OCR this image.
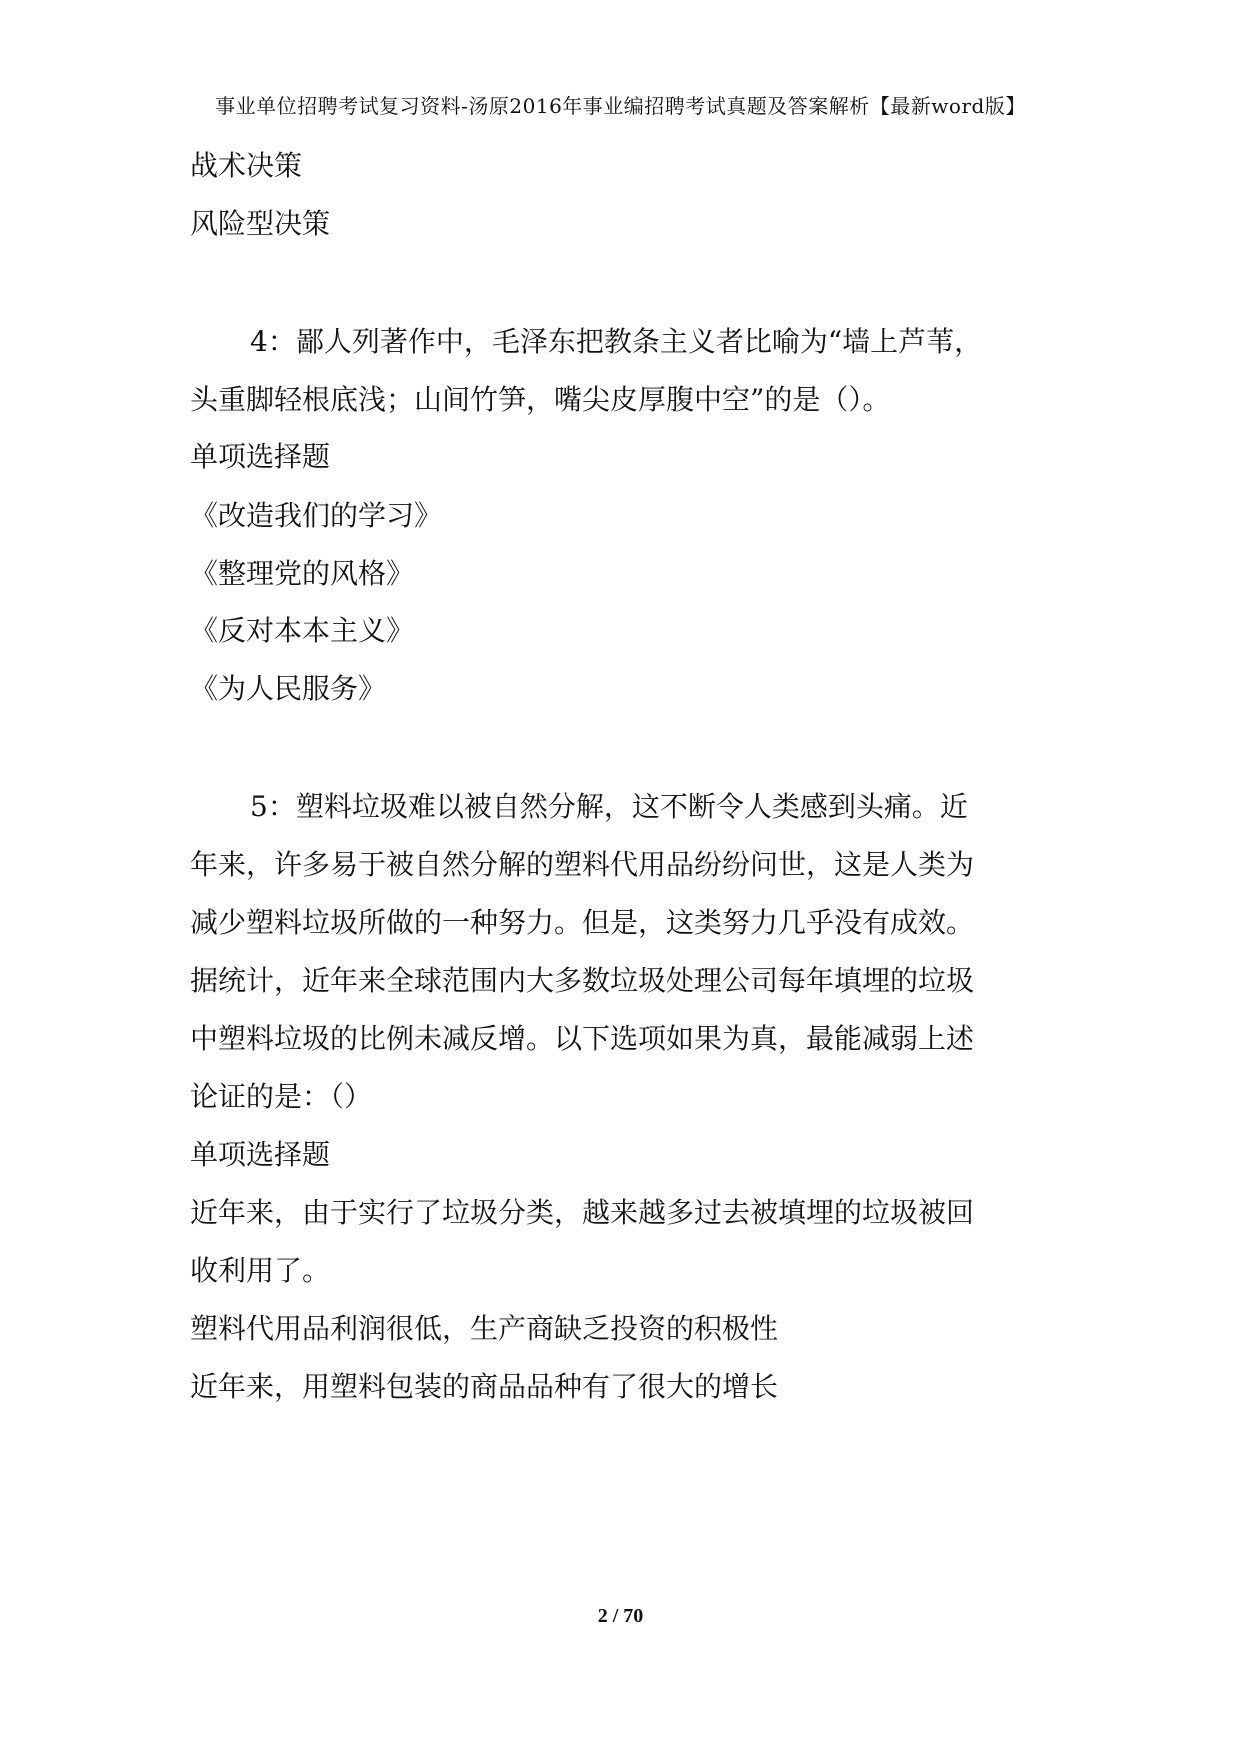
事业单位招聘考试复习资料-汤原2016年事业编招聘考试真题及答案解析【最新word版】
战术决策
风险型决策
4：鄙人列著作中，毛泽东把教条主义者比喻为“墙上芦苇，
头重脚轻根底浅；山间竹笋，嘴尖皮厚腹中空”的是（）。
单项选择题
《改造我们的学习》
《整理党的风格》
《反对本本主义》
《为人民服务》
5：塑料垃圾难以被自然分解，这不断令人类感到头痛。近
年来，许多易于被自然分解的塑料代用品纷纷问世，这是人类为
减少塑料垃圾所做的一种努力。但是，这类努力几乎没有成效。
据统计，近年来全球范围内大多数垃圾处理公司每年填埋的垃圾
中塑料垃圾的比例未减反增。以下选项如果为真，最能减弱上述
论证的是：（）
单项选择题
近年来，由于实行了垃圾分类，越来越多过去被填埋的垃圾被回
收利用了。
塑料代用品利润很低，生产商缺乏投资的积极性
近年来，用塑料包装的商品品种有了很大的增长
2 / 70
